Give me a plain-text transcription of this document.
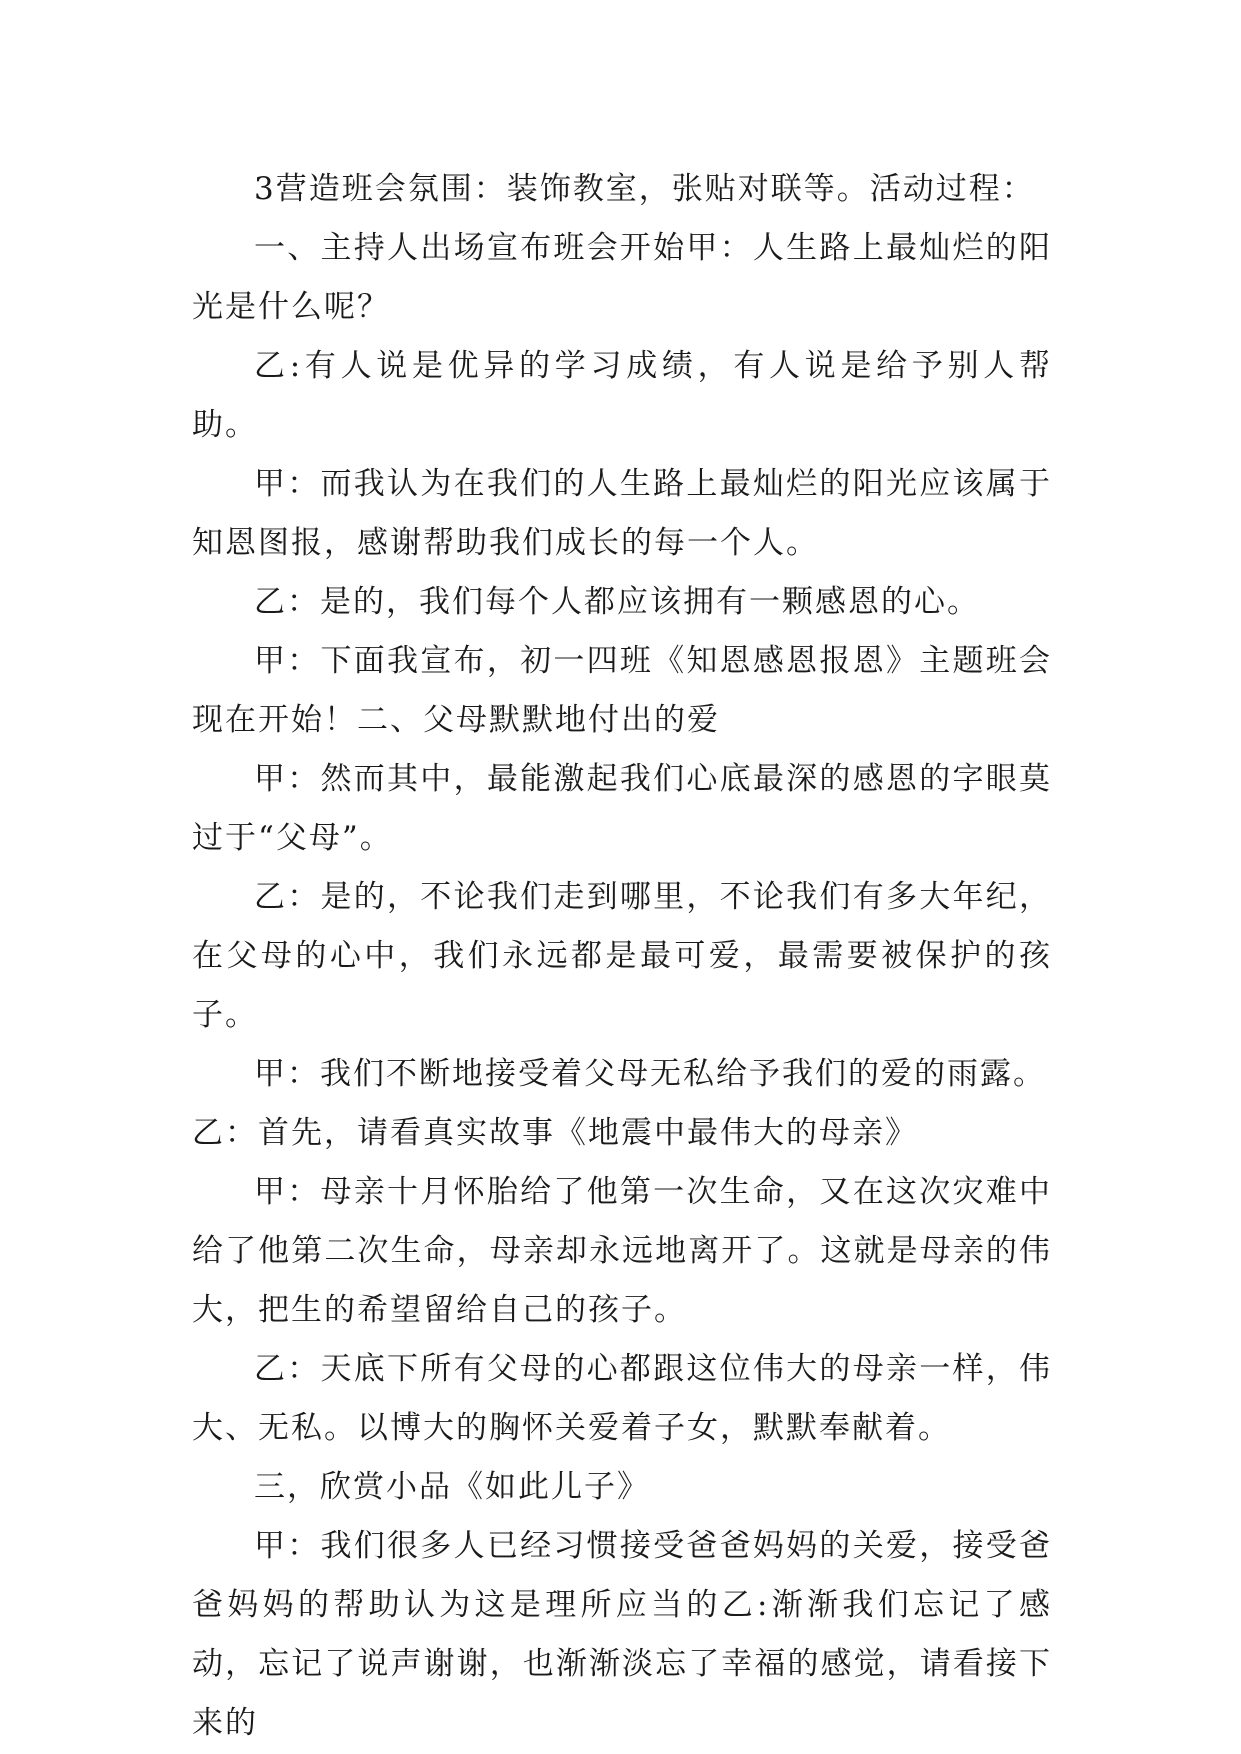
3营造班会氛围：装饰教室，张贴对联等。活动过程：

一、主持人出场宣布班会开始甲：人生路上最灿烂的阳光是什么呢？

乙:有人说是优异的学习成绩，有人说是给予别人帮助。

甲：而我认为在我们的人生路上最灿烂的阳光应该属于知恩图报，感谢帮助我们成长的每一个人。

乙：是的，我们每个人都应该拥有一颗感恩的心。

甲：下面我宣布，初一四班《知恩感恩报恩》主题班会现在开始！二、父母默默地付出的爱

甲：然而其中，最能激起我们心底最深的感恩的字眼莫过于“父母”。

乙：是的，不论我们走到哪里，不论我们有多大年纪，在父母的心中，我们永远都是最可爱，最需要被保护的孩子。

甲：我们不断地接受着父母无私给予我们的爱的雨露。

乙：首先，请看真实故事《地震中最伟大的母亲》

甲：母亲十月怀胎给了他第一次生命，又在这次灾难中给了他第二次生命，母亲却永远地离开了。这就是母亲的伟大，把生的希望留给自己的孩子。

乙：天底下所有父母的心都跟这位伟大的母亲一样，伟大、无私。以博大的胸怀关爱着子女，默默奉献着。

三，欣赏小品《如此儿子》

甲：我们很多人已经习惯接受爸爸妈妈的关爱，接受爸爸妈妈的帮助认为这是理所应当的乙:渐渐我们忘记了感动，忘记了说声谢谢，也渐渐淡忘了幸福的感觉，请看接下来的
